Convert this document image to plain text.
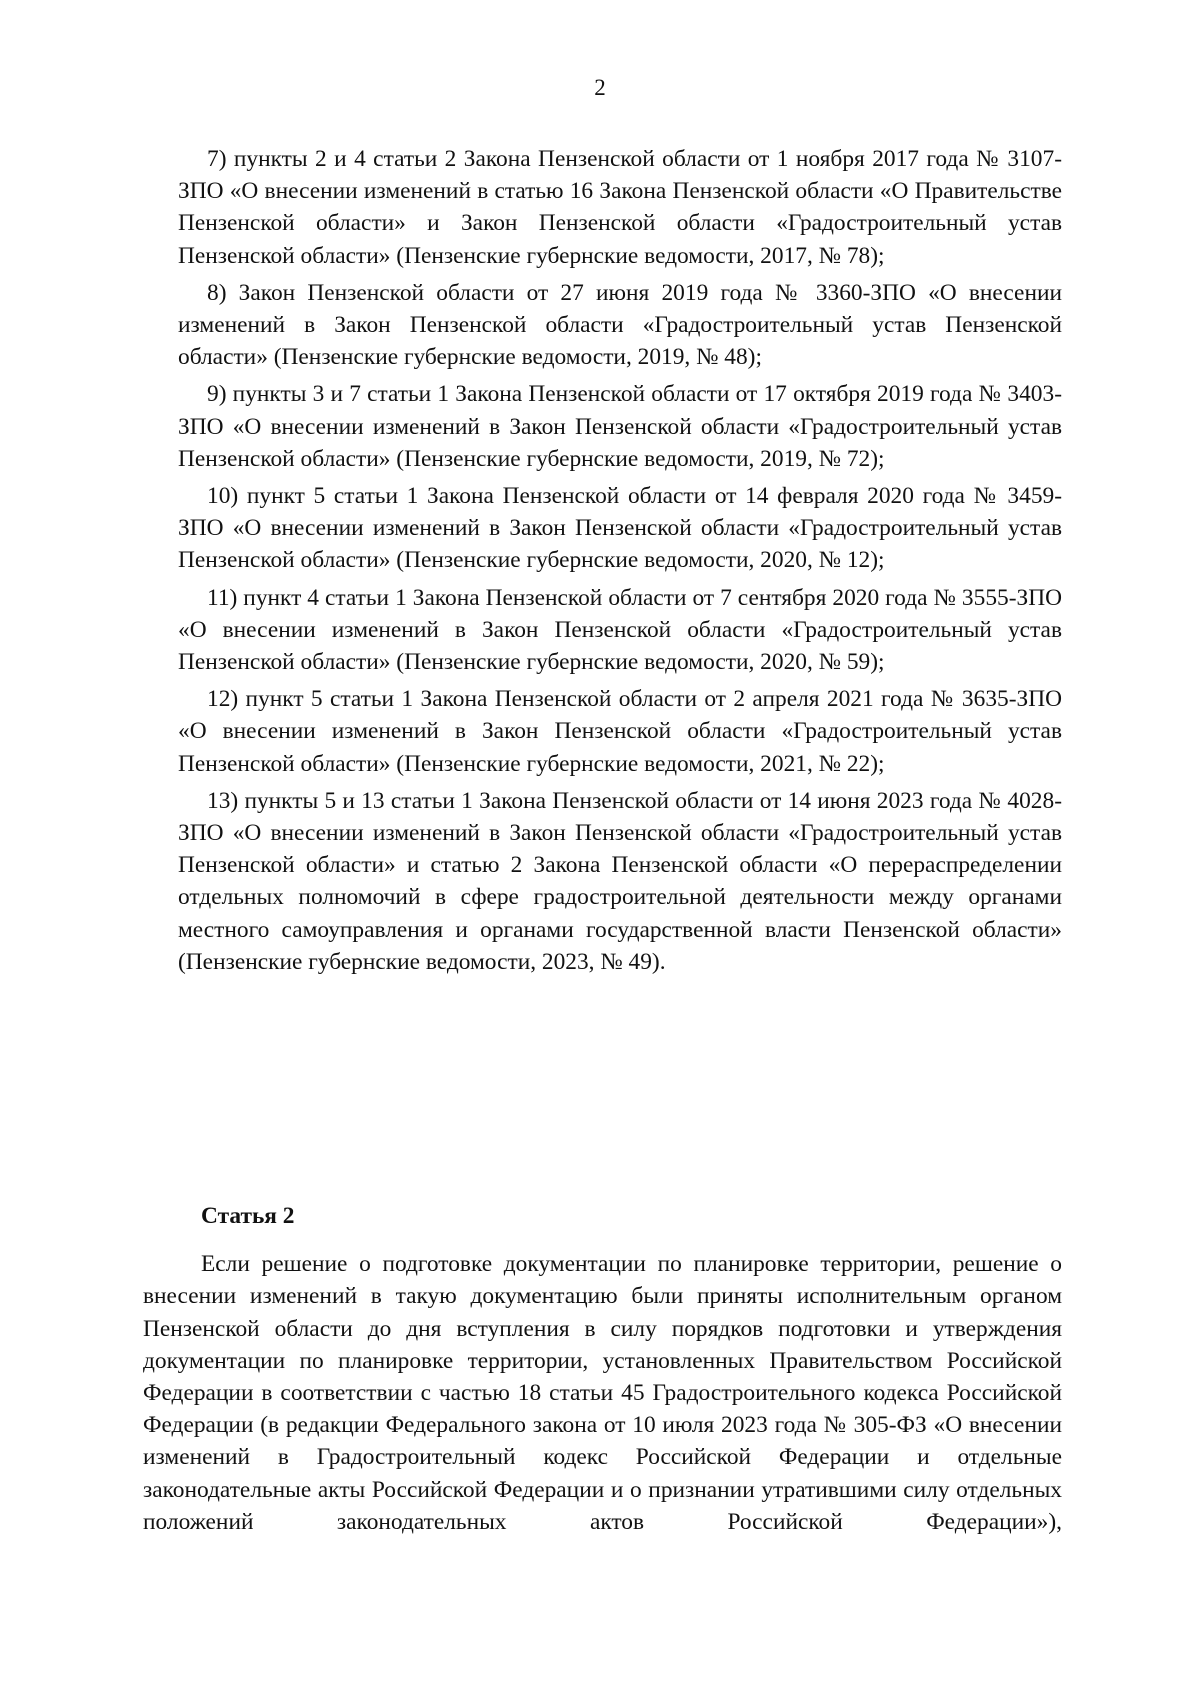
2

7) пункты 2 и 4 статьи 2 Закона Пензенской области от 1 ноября 2017 года № 3107-ЗПО «О внесении изменений в статью 16 Закона Пензенской области «О Правительстве Пензенской области» и Закон Пензенской области «Градостроительный устав Пензенской области» (Пензенские губернские ведомости, 2017, № 78);

8) Закон Пензенской области от 27 июня 2019 года № 3360-ЗПО «О внесении изменений в Закон Пензенской области «Градостроительный устав Пензенской области» (Пензенские губернские ведомости, 2019, № 48);

9) пункты 3 и 7 статьи 1 Закона Пензенской области от 17 октября 2019 года № 3403-ЗПО «О внесении изменений в Закон Пензенской области «Градостроительный устав Пензенской области» (Пензенские губернские ведомости, 2019, № 72);

10) пункт 5 статьи 1 Закона Пензенской области от 14 февраля 2020 года № 3459-ЗПО «О внесении изменений в Закон Пензенской области «Градостроительный устав Пензенской области» (Пензенские губернские ведомости, 2020, № 12);

11) пункт 4 статьи 1 Закона Пензенской области от 7 сентября 2020 года № 3555-ЗПО «О внесении изменений в Закон Пензенской области «Градостроительный устав Пензенской области» (Пензенские губернские ведомости, 2020, № 59);

12) пункт 5 статьи 1 Закона Пензенской области от 2 апреля 2021 года № 3635-ЗПО «О внесении изменений в Закон Пензенской области «Градостроительный устав Пензенской области» (Пензенские губернские ведомости, 2021, № 22);

13) пункты 5 и 13 статьи 1 Закона Пензенской области от 14 июня 2023 года № 4028-ЗПО «О внесении изменений в Закон Пензенской области «Градостроительный устав Пензенской области» и статью 2 Закона Пензенской области «О перераспределении отдельных полномочий в сфере градостроительной деятельности между органами местного самоуправления и органами государственной власти Пензенской области» (Пензенские губернские ведомости, 2023, № 49).

Статья 2

Если решение о подготовке документации по планировке территории, решение о внесении изменений в такую документацию были приняты исполнительным органом Пензенской области до дня вступления в силу порядков подготовки и утверждения документации по планировке территории, установленных Правительством Российской Федерации в соответствии с частью 18 статьи 45 Градостроительного кодекса Российской Федерации (в редакции Федерального закона от 10 июля 2023 года № 305-ФЗ «О внесении изменений в Градостроительный кодекс Российской Федерации и отдельные законодательные акты Российской Федерации и о признании утратившими силу отдельных положений законодательных актов Российской Федерации»),
